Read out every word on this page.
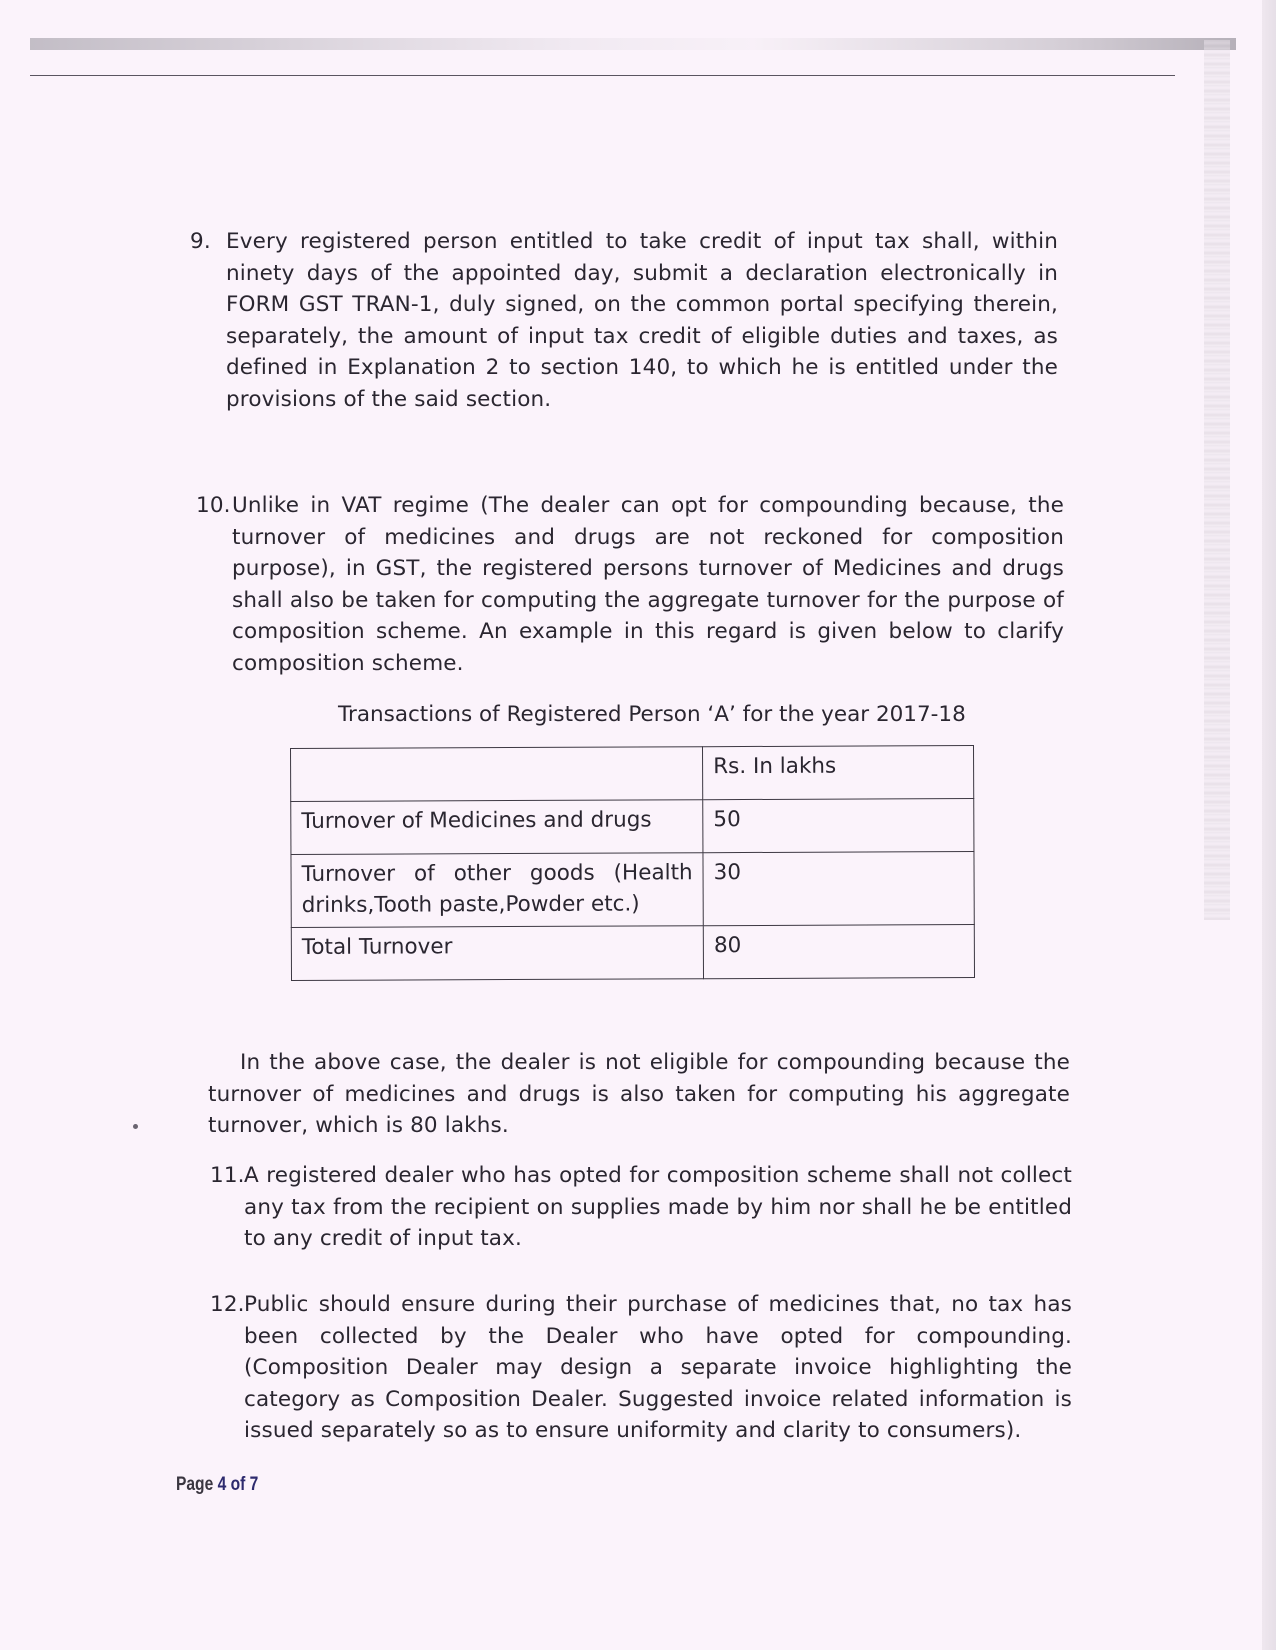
9. Every registered person entitled to take credit of input tax shall, within ninety days of the appointed day, submit a declaration electronically in FORM GST TRAN-1, duly signed, on the common portal specifying therein, separately, the amount of input tax credit of eligible duties and taxes, as defined in Explanation 2 to section 140, to which he is entitled under the provisions of the said section.

10. Unlike in VAT regime (The dealer can opt for compounding because, the turnover of medicines and drugs are not reckoned for composition purpose), in GST, the registered persons turnover of Medicines and drugs shall also be taken for computing the aggregate turnover for the purpose of composition scheme. An example in this regard is given below to clarify composition scheme.

Transactions of Registered Person ‘A’ for the year 2017-18

	Rs. In lakhs
Turnover of Medicines and drugs	50
Turnover of other goods (Health drinks,Tooth paste,Powder etc.)	30
Total Turnover	80

In the above case, the dealer is not eligible for compounding because the turnover of medicines and drugs is also taken for computing his aggregate turnover, which is 80 lakhs.

11. A registered dealer who has opted for composition scheme shall not collect any tax from the recipient on supplies made by him nor shall he be entitled to any credit of input tax.

12. Public should ensure during their purchase of medicines that, no tax has been collected by the Dealer who have opted for compounding. (Composition Dealer may design a separate invoice highlighting the category as Composition Dealer. Suggested invoice related information is issued separately so as to ensure uniformity and clarity to consumers).

Page 4 of 7
